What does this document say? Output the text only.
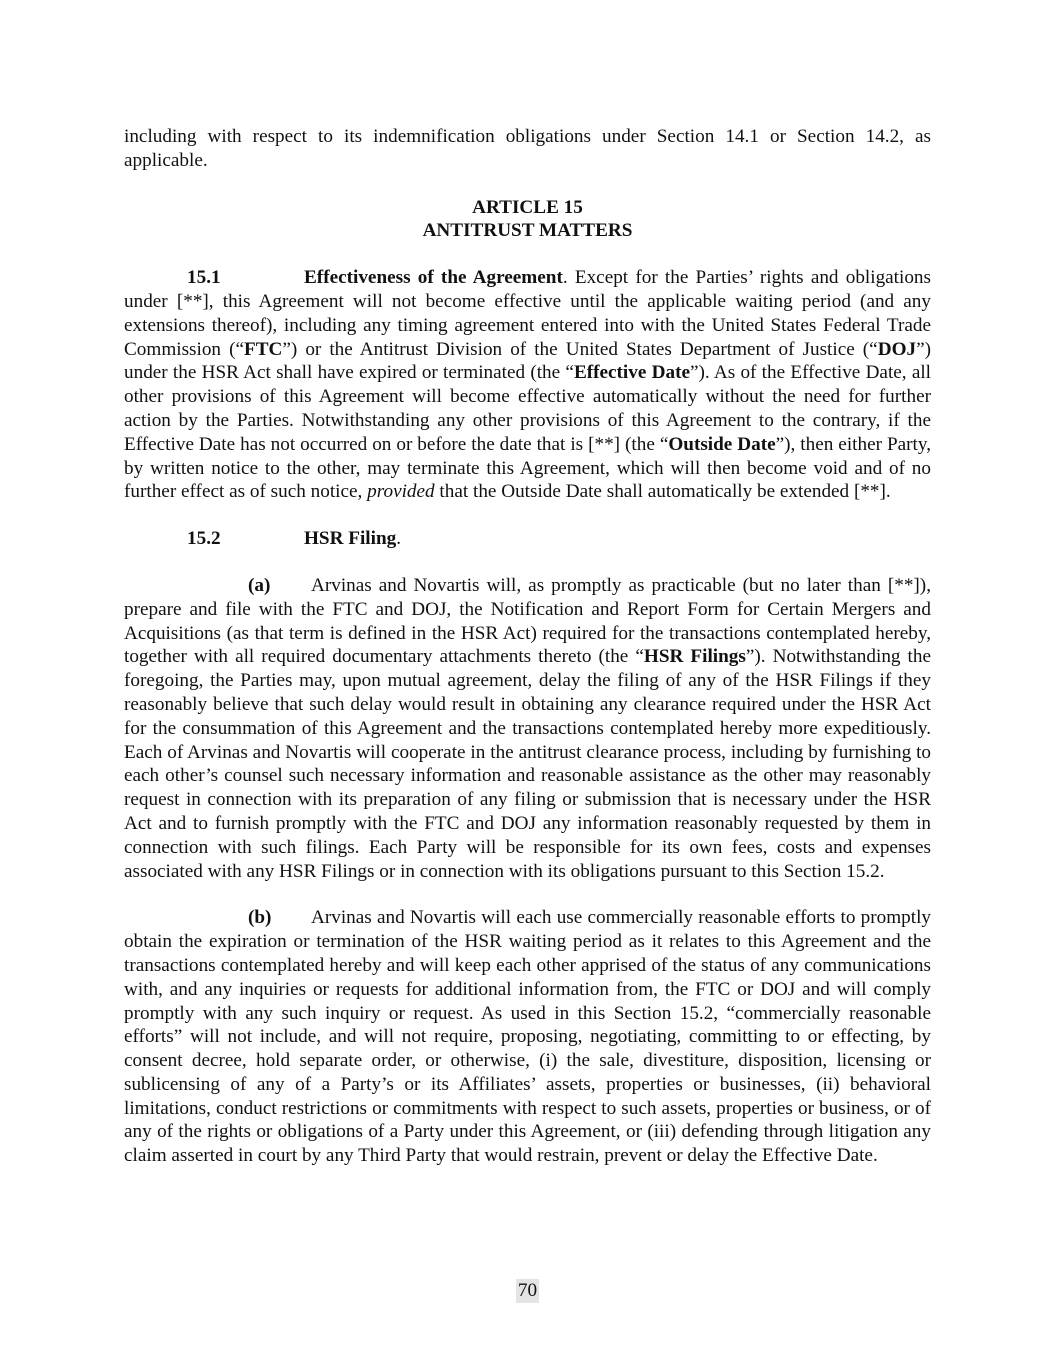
including with respect to its indemnification obligations under Section 14.1 or Section 14.2, as applicable.

ARTICLE 15
ANTITRUST MATTERS

15.1	Effectiveness of the Agreement. Except for the Parties’ rights and obligations under [**], this Agreement will not become effective until the applicable waiting period (and any extensions thereof), including any timing agreement entered into with the United States Federal Trade Commission (“FTC”) or the Antitrust Division of the United States Department of Justice (“DOJ”) under the HSR Act shall have expired or terminated (the “Effective Date”). As of the Effective Date, all other provisions of this Agreement will become effective automatically without the need for further action by the Parties. Notwithstanding any other provisions of this Agreement to the contrary, if the Effective Date has not occurred on or before the date that is [**] (the “Outside Date”), then either Party, by written notice to the other, may terminate this Agreement, which will then become void and of no further effect as of such notice, provided that the Outside Date shall automatically be extended [**].

15.2	HSR Filing.

(a) Arvinas and Novartis will, as promptly as practicable (but no later than [**]), prepare and file with the FTC and DOJ, the Notification and Report Form for Certain Mergers and Acquisitions (as that term is defined in the HSR Act) required for the transactions contemplated hereby, together with all required documentary attachments thereto (the “HSR Filings”). Notwithstanding the foregoing, the Parties may, upon mutual agreement, delay the filing of any of the HSR Filings if they reasonably believe that such delay would result in obtaining any clearance required under the HSR Act for the consummation of this Agreement and the transactions contemplated hereby more expeditiously. Each of Arvinas and Novartis will cooperate in the antitrust clearance process, including by furnishing to each other’s counsel such necessary information and reasonable assistance as the other may reasonably request in connection with its preparation of any filing or submission that is necessary under the HSR Act and to furnish promptly with the FTC and DOJ any information reasonably requested by them in connection with such filings. Each Party will be responsible for its own fees, costs and expenses associated with any HSR Filings or in connection with its obligations pursuant to this Section 15.2.

(b) Arvinas and Novartis will each use commercially reasonable efforts to promptly obtain the expiration or termination of the HSR waiting period as it relates to this Agreement and the transactions contemplated hereby and will keep each other apprised of the status of any communications with, and any inquiries or requests for additional information from, the FTC or DOJ and will comply promptly with any such inquiry or request. As used in this Section 15.2, “commercially reasonable efforts” will not include, and will not require, proposing, negotiating, committing to or effecting, by consent decree, hold separate order, or otherwise, (i) the sale, divestiture, disposition, licensing or sublicensing of any of a Party’s or its Affiliates’ assets, properties or businesses, (ii) behavioral limitations, conduct restrictions or commitments with respect to such assets, properties or business, or of any of the rights or obligations of a Party under this Agreement, or (iii) defending through litigation any claim asserted in court by any Third Party that would restrain, prevent or delay the Effective Date.

70
